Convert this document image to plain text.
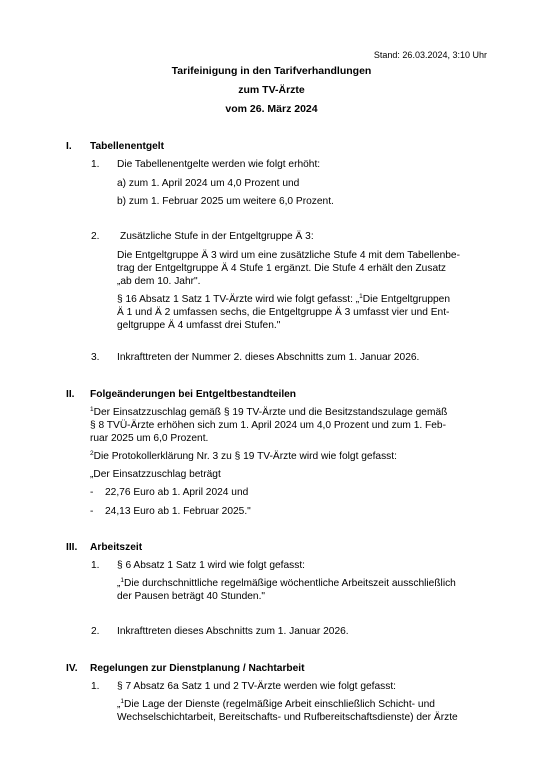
Stand: 26.03.2024, 3:10 Uhr
Tarifeinigung in den Tarifverhandlungen
zum TV-Ärzte
vom 26. März 2024
I. Tabellenentgelt
1. Die Tabellenentgelte werden wie folgt erhöht:
a) zum 1. April 2024 um 4,0 Prozent und
b) zum 1. Februar 2025 um weitere 6,0 Prozent.
2. Zusätzliche Stufe in der Entgeltgruppe Ä 3:
Die Entgeltgruppe Ä 3 wird um eine zusätzliche Stufe 4 mit dem Tabellenbe-
trag der Entgeltgruppe Ä 4 Stufe 1 ergänzt. Die Stufe 4 erhält den Zusatz
„ab dem 10. Jahr".
§ 16 Absatz 1 Satz 1 TV-Ärzte wird wie folgt gefasst: „$^1$Die Entgeltgruppen
Ä 1 und Ä 2 umfassen sechs, die Entgeltgruppe Ä 3 umfasst vier und Ent-
geltgruppe Ä 4 umfasst drei Stufen."
3. Inkrafttreten der Nummer 2. dieses Abschnitts zum 1. Januar 2026.
II. Folgeänderungen bei Entgeltbestandteilen
$^1$Der Einsatzzuschlag gemäß § 19 TV-Ärzte und die Besitzstandszulage gemäß
§ 8 TVÜ-Ärzte erhöhen sich zum 1. April 2024 um 4,0 Prozent und zum 1. Feb-
ruar 2025 um 6,0 Prozent.
$^2$Die Protokollerklärung Nr. 3 zu § 19 TV-Ärzte wird wie folgt gefasst:
„Der Einsatzzuschlag beträgt
- 22,76 Euro ab 1. April 2024 und
- 24,13 Euro ab 1. Februar 2025."
III. Arbeitszeit
1. § 6 Absatz 1 Satz 1 wird wie folgt gefasst:
„$^1$Die durchschnittliche regelmäßige wöchentliche Arbeitszeit ausschließlich
der Pausen beträgt 40 Stunden."
2. Inkrafttreten dieses Abschnitts zum 1. Januar 2026.
IV. Regelungen zur Dienstplanung / Nachtarbeit
1. § 7 Absatz 6a Satz 1 und 2 TV-Ärzte werden wie folgt gefasst:
„$^1$Die Lage der Dienste (regelmäßige Arbeit einschließlich Schicht- und
Wechselschichtarbeit, Bereitschafts- und Rufbereitschaftsdienste) der Ärzte
